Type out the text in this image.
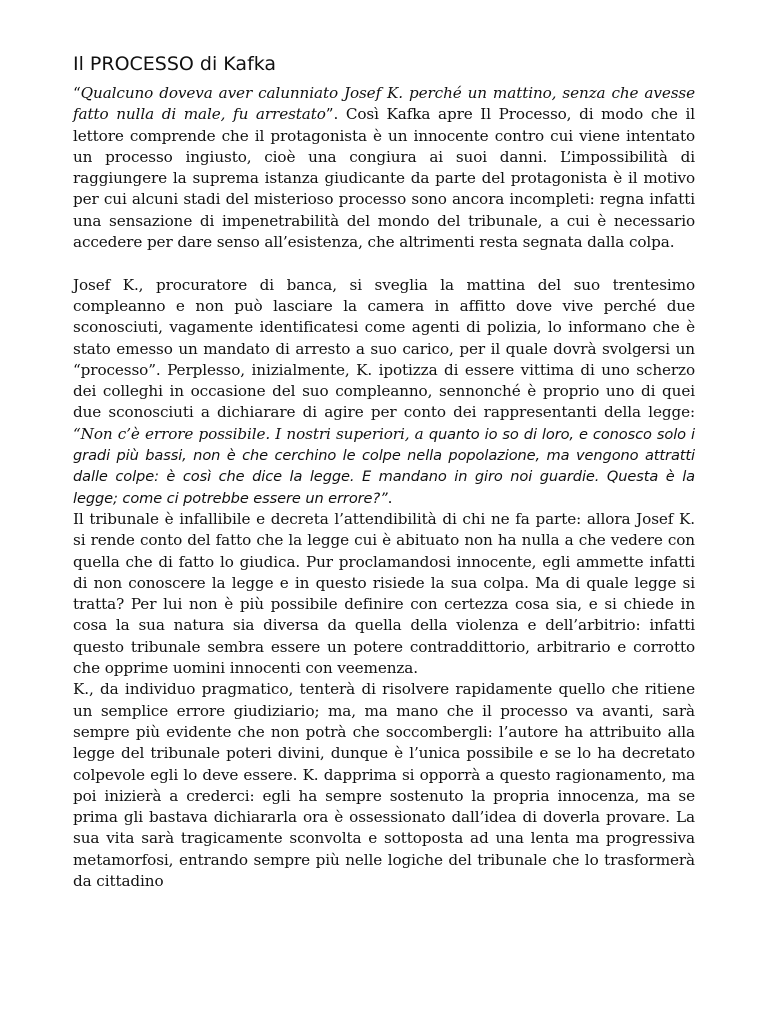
Il PROCESSO di Kafka

“Qualcuno doveva aver calunniato Josef K. perché un mattino, senza che avesse fatto nulla di male, fu arrestato”. Così Kafka apre Il Processo, di modo che il lettore comprende che il protagonista è un innocente contro cui viene intentato un processo ingiusto, cioè una congiura ai suoi danni. L’impossibilità di raggiungere la suprema istanza giudicante da parte del protagonista è il motivo per cui alcuni stadi del misterioso processo sono ancora incompleti: regna infatti una sensazione di impenetrabilità del mondo del tribunale, a cui è necessario accedere per dare senso all’esistenza, che altrimenti resta segnata dalla colpa.

Josef K., procuratore di banca, si sveglia la mattina del suo trentesimo compleanno e non può lasciare la camera in affitto dove vive perché due sconosciuti, vagamente identificatesi come agenti di polizia, lo informano che è stato emesso un mandato di arresto a suo carico, per il quale dovrà svolgersi un “processo”. Perplesso, inizialmente, K. ipotizza di essere vittima di uno scherzo dei colleghi in occasione del suo compleanno, sennonché è proprio uno di quei due sconosciuti a dichiarare di agire per conto dei rappresentanti della legge: “Non c’è errore possibile. I nostri superiori, a quanto io so di loro, e conosco solo i gradi più bassi, non è che cerchino le colpe nella popolazione, ma vengono attratti dalle colpe: è così che dice la legge. E mandano in giro noi guardie. Questa è la legge; come ci potrebbe essere un errore?”.

Il tribunale è infallibile e decreta l’attendibilità di chi ne fa parte: allora Josef K. si rende conto del fatto che la legge cui è abituato non ha nulla a che vedere con quella che di fatto lo giudica. Pur proclamandosi innocente, egli ammette infatti di non conoscere la legge e in questo risiede la sua colpa. Ma di quale legge si tratta? Per lui non è più possibile definire con certezza cosa sia, e si chiede in cosa la sua natura sia diversa da quella della violenza e dell’arbitrio: infatti questo tribunale sembra essere un potere contraddittorio, arbitrario e corrotto che opprime uomini innocenti con veemenza.

K., da individuo pragmatico, tenterà di risolvere rapidamente quello che ritiene un semplice errore giudiziario; ma, ma mano che il processo va avanti, sarà sempre più evidente che non potrà che soccombergli: l’autore ha attribuito alla legge del tribunale poteri divini, dunque è l’unica possibile e se lo ha decretato colpevole egli lo deve essere. K. dapprima si opporrà a questo ragionamento, ma poi inizierà a crederci: egli ha sempre sostenuto la propria innocenza, ma se prima gli bastava dichiararla ora è ossessionato dall’idea di doverla provare. La sua vita sarà tragicamente sconvolta e sottoposta ad una lenta ma progressiva metamorfosi, entrando sempre più nelle logiche del tribunale che lo trasformerà da cittadino
